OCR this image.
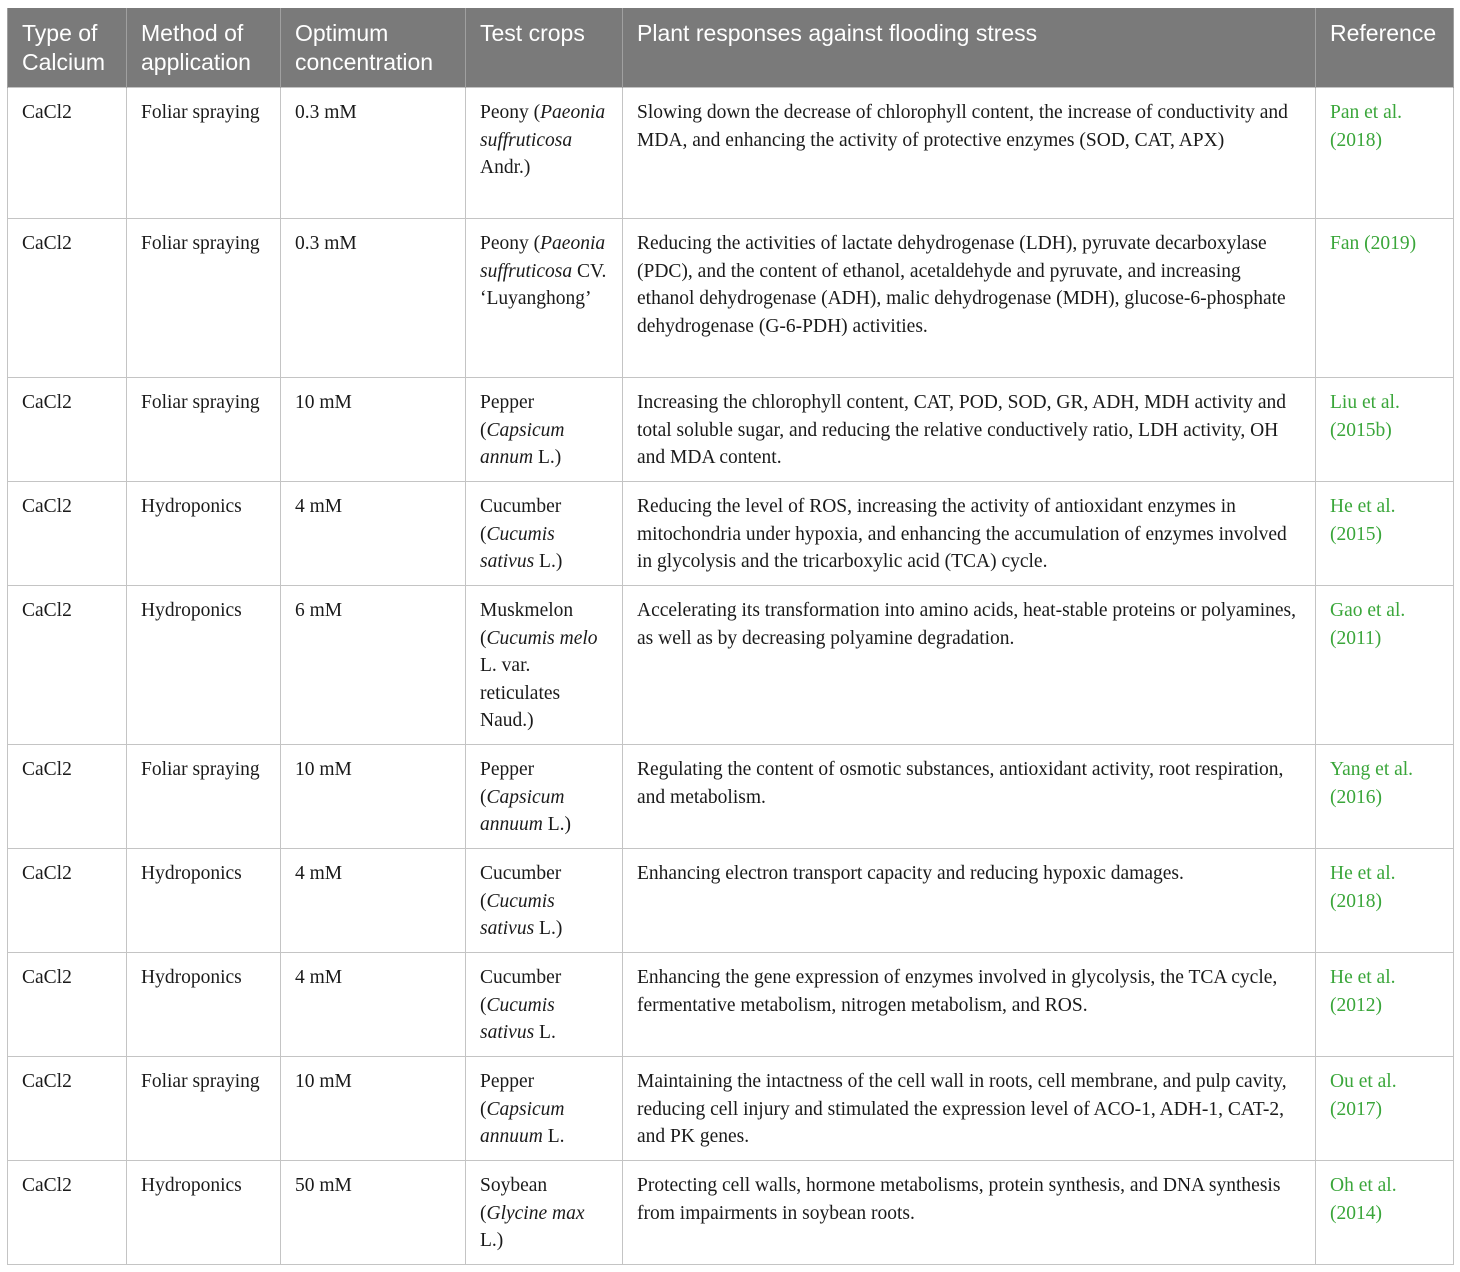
Type of Calcium	Method of application	Optimum concentration	Test crops	Plant responses against flooding stress	Reference
CaCl2	Foliar spraying	0.3 mM	Peony (Paeonia suffruticosa Andr.)	Slowing down the decrease of chlorophyll content, the increase of conductivity and MDA, and enhancing the activity of protective enzymes (SOD, CAT, APX)	Pan et al. (2018)
CaCl2	Foliar spraying	0.3 mM	Peony (Paeonia suffruticosa CV. ‘Luyanghong’	Reducing the activities of lactate dehydrogenase (LDH), pyruvate decarboxylase (PDC), and the content of ethanol, acetaldehyde and pyruvate, and increasing ethanol dehydrogenase (ADH), malic dehydrogenase (MDH), glucose-6-phosphate dehydrogenase (G-6-PDH) activities.	Fan (2019)
CaCl2	Foliar spraying	10 mM	Pepper (Capsicum annum L.)	Increasing the chlorophyll content, CAT, POD, SOD, GR, ADH, MDH activity and total soluble sugar, and reducing the relative conductively ratio, LDH activity, OH and MDA content.	Liu et al. (2015b)
CaCl2	Hydroponics	4 mM	Cucumber (Cucumis sativus L.)	Reducing the level of ROS, increasing the activity of antioxidant enzymes in mitochondria under hypoxia, and enhancing the accumulation of enzymes involved in glycolysis and the tricarboxylic acid (TCA) cycle.	He et al. (2015)
CaCl2	Hydroponics	6 mM	Muskmelon (Cucumis melo L. var. reticulates Naud.)	Accelerating its transformation into amino acids, heat-stable proteins or polyamines, as well as by decreasing polyamine degradation.	Gao et al. (2011)
CaCl2	Foliar spraying	10 mM	Pepper (Capsicum annuum L.)	Regulating the content of osmotic substances, antioxidant activity, root respiration, and metabolism.	Yang et al. (2016)
CaCl2	Hydroponics	4 mM	Cucumber (Cucumis sativus L.)	Enhancing electron transport capacity and reducing hypoxic damages.	He et al. (2018)
CaCl2	Hydroponics	4 mM	Cucumber (Cucumis sativus L.	Enhancing the gene expression of enzymes involved in glycolysis, the TCA cycle, fermentative metabolism, nitrogen metabolism, and ROS.	He et al. (2012)
CaCl2	Foliar spraying	10 mM	Pepper (Capsicum annuum L.	Maintaining the intactness of the cell wall in roots, cell membrane, and pulp cavity, reducing cell injury and stimulated the expression level of ACO-1, ADH-1, CAT-2, and PK genes.	Ou et al. (2017)
CaCl2	Hydroponics	50 mM	Soybean (Glycine max L.)	Protecting cell walls, hormone metabolisms, protein synthesis, and DNA synthesis from impairments in soybean roots.	Oh et al. (2014)
